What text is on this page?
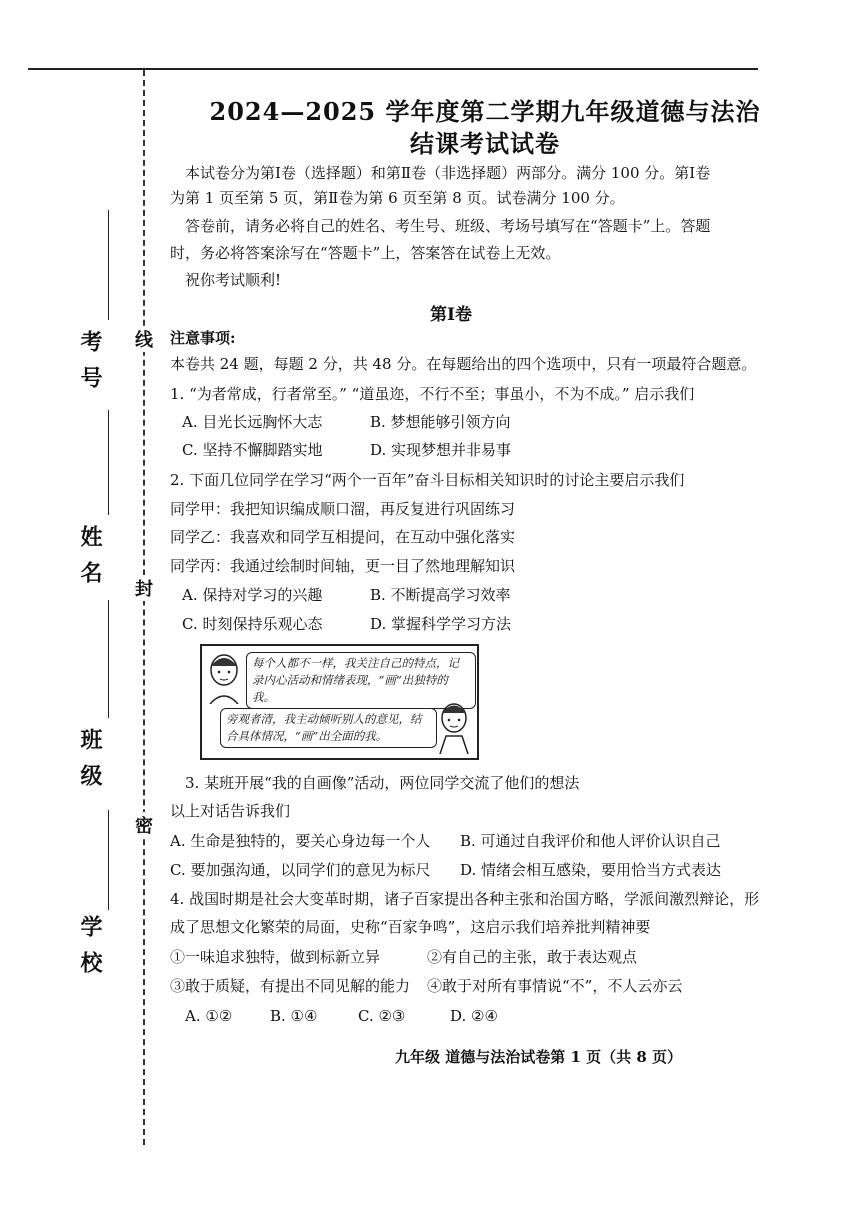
线
封
密
考号
姓名
班级
学校
2024—2025 学年度第二学期九年级道德与法治
结课考试试卷
本试卷分为第Ⅰ卷（选择题）和第Ⅱ卷（非选择题）两部分。满分 100 分。第Ⅰ卷
为第 1 页至第 5 页，第Ⅱ卷为第 6 页至第 8 页。试卷满分 100 分。
答卷前，请务必将自己的姓名、考生号、班级、考场号填写在“答题卡”上。答题
时，务必将答案涂写在“答题卡”上，答案答在试卷上无效。
祝你考试顺利!
第Ⅰ卷
注意事项:
本卷共 24 题，每题 2 分，共 48 分。在每题给出的四个选项中，只有一项最符合题意。
1. “为者常成，行者常至。” “道虽迩，不行不至；事虽小，不为不成。” 启示我们
A. 目光长远胸怀大志	B. 梦想能够引领方向
C. 坚持不懈脚踏实地	D. 实现梦想并非易事
2. 下面几位同学在学习“两个一百年”奋斗目标相关知识时的讨论主要启示我们
同学甲：我把知识编成顺口溜，再反复进行巩固练习
同学乙：我喜欢和同学互相提问，在互动中强化落实
同学丙：我通过绘制时间轴，更一目了然地理解知识
A. 保持对学习的兴趣	B. 不断提高学习效率
C. 时刻保持乐观心态	D. 掌握科学学习方法
每个人都不一样，我关注自己的特点，记录内心活动和情绪表现，“画”出独特的我。
旁观者清，我主动倾听别人的意见，结合具体情况，“画”出全面的我。
3. 某班开展“我的自画像”活动，两位同学交流了他们的想法
以上对话告诉我们
A. 生命是独特的，要关心身边每一个人 B. 可通过自我评价和他人评价认识自己
C. 要加强沟通，以同学们的意见为标尺 D. 情绪会相互感染，要用恰当方式表达
4. 战国时期是社会大变革时期，诸子百家提出各种主张和治国方略，学派间激烈辩论，形
成了思想文化繁荣的局面，史称“百家争鸣”，这启示我们培养批判精神要
①一味追求独特，做到标新立异	②有自己的主张，敢于表达观点
③敢于质疑，有提出不同见解的能力 ④敢于对所有事情说“不”，不人云亦云
A. ①②	B. ①④	C. ②③	D. ②④
九年级 道德与法治试卷第 1 页（共 8 页）
